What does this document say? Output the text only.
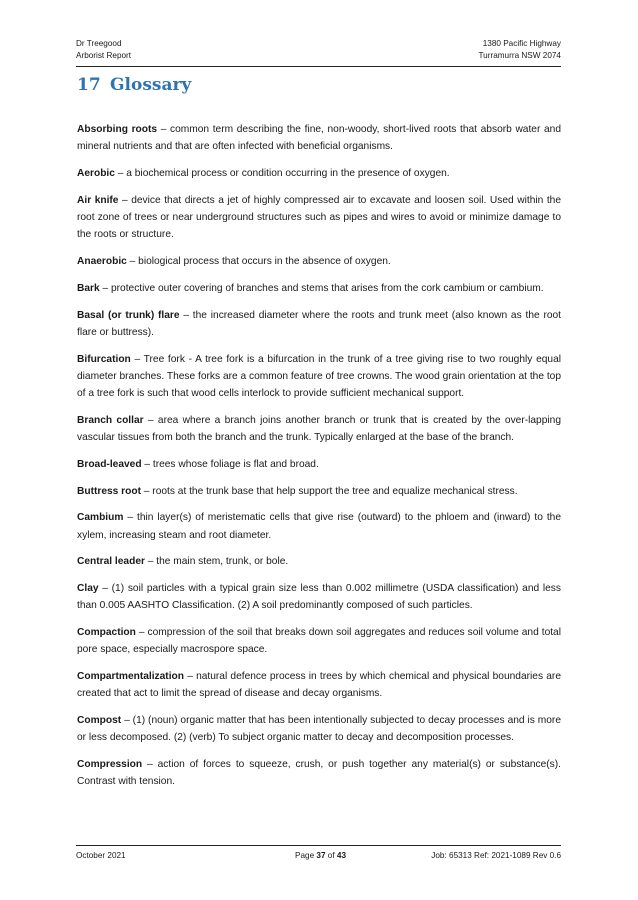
Dr Treegood
Arborist Report
1380 Pacific Highway
Turramurra NSW 2074
17 Glossary

Absorbing roots – common term describing the fine, non-woody, short-lived roots that absorb water and mineral nutrients and that are often infected with beneficial organisms.

Aerobic – a biochemical process or condition occurring in the presence of oxygen.

Air knife – device that directs a jet of highly compressed air to excavate and loosen soil. Used within the root zone of trees or near underground structures such as pipes and wires to avoid or minimize damage to the roots or structure.

Anaerobic – biological process that occurs in the absence of oxygen.

Bark – protective outer covering of branches and stems that arises from the cork cambium or cambium.

Basal (or trunk) flare – the increased diameter where the roots and trunk meet (also known as the root flare or buttress).

Bifurcation – Tree fork - A tree fork is a bifurcation in the trunk of a tree giving rise to two roughly equal diameter branches. These forks are a common feature of tree crowns. The wood grain orientation at the top of a tree fork is such that wood cells interlock to provide sufficient mechanical support.

Branch collar – area where a branch joins another branch or trunk that is created by the over-lapping vascular tissues from both the branch and the trunk. Typically enlarged at the base of the branch.

Broad-leaved – trees whose foliage is flat and broad.

Buttress root – roots at the trunk base that help support the tree and equalize mechanical stress.

Cambium – thin layer(s) of meristematic cells that give rise (outward) to the phloem and (inward) to the xylem, increasing steam and root diameter.

Central leader – the main stem, trunk, or bole.

Clay – (1) soil particles with a typical grain size less than 0.002 millimetre (USDA classification) and less than 0.005 AASHTO Classification. (2) A soil predominantly composed of such particles.

Compaction – compression of the soil that breaks down soil aggregates and reduces soil volume and total pore space, especially macrospore space.

Compartmentalization – natural defence process in trees by which chemical and physical boundaries are created that act to limit the spread of disease and decay organisms.

Compost – (1) (noun) organic matter that has been intentionally subjected to decay processes and is more or less decomposed. (2) (verb) To subject organic matter to decay and decomposition processes.

Compression – action of forces to squeeze, crush, or push together any material(s) or substance(s). Contrast with tension.

October 2021	Page 37 of 43	Job: 65313 Ref: 2021-1089 Rev 0.6
